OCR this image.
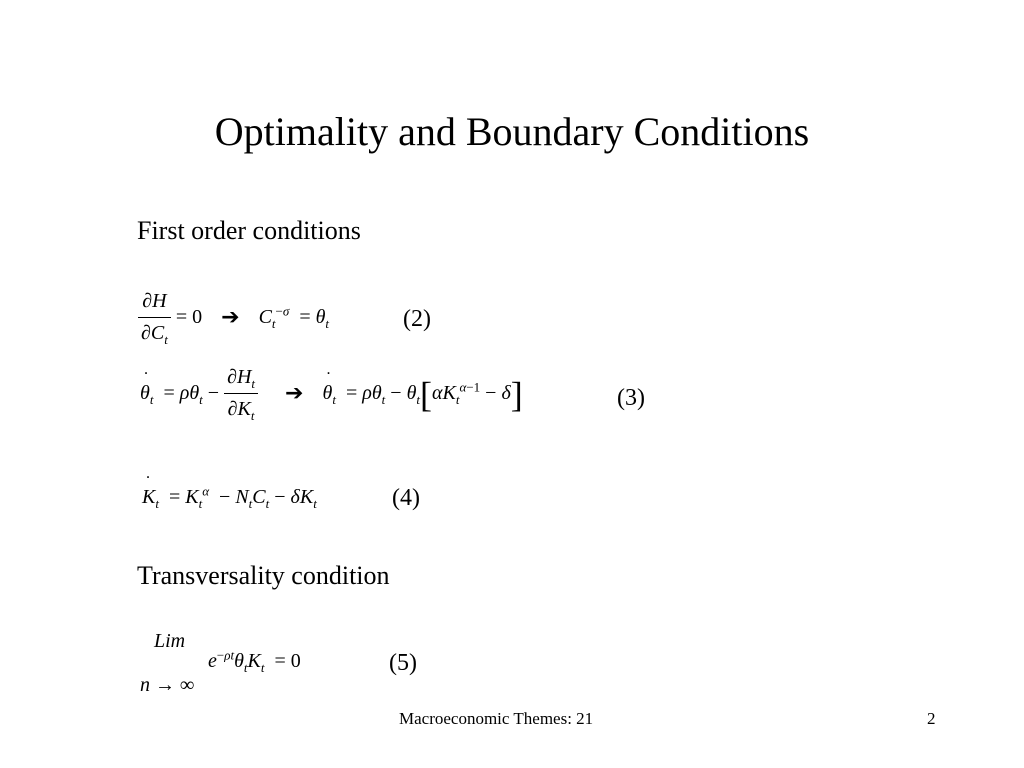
Optimality and Boundary Conditions
First order conditions
$\frac{\partial H}{\partial C_t} = 0$ ➔ $C_t^{-\sigma} = \theta_t$	(2)
˙ $\theta_t = \rho\theta_t - \frac{\partial H_t}{\partial K_t}$ ➔ ˙ $\theta_t = \rho\theta_t - \theta_t[\alpha K_t^{\alpha-1} - \delta]$	(3)
˙ $K_t = K_t^\alpha - N_tC_t - \delta K_t$	(4)
Transversality condition
Lim
$e^{-\rho t}\theta_tK_t = 0$
n → ∞
(5)
Macroeconomic Themes: 21	2
